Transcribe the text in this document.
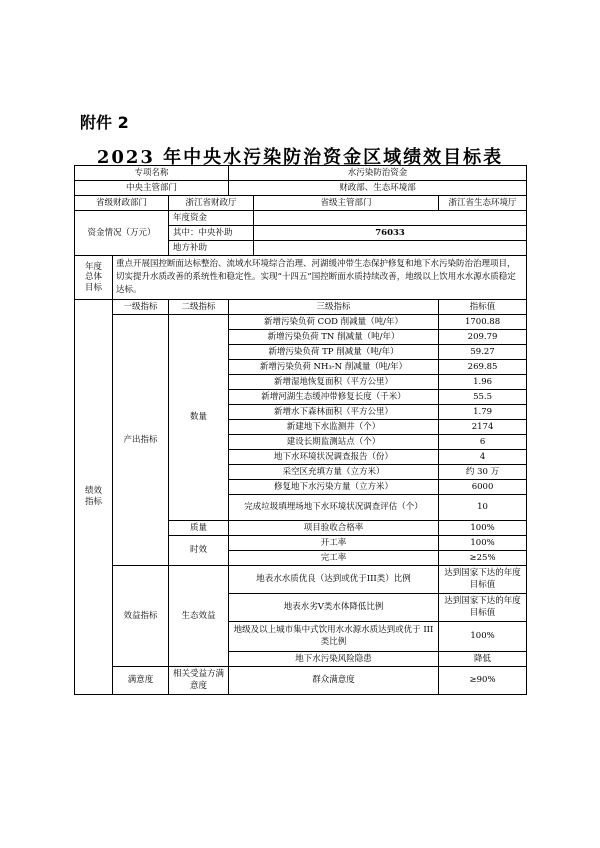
附件 2
2023 年中央水污染防治资金区域绩效目标表
专项名称			水污染防治资金		
中央主管部门			财政部、生态环境部		
省级财政部门		浙江省财政厅		省级主管部门	浙江省生态环境厅
资金情况（万元）		年度资金			
		其中：中央补助		76033	
		地方补助			
年度
总体
目标	重点开展国控断面达标整治、流域水环境综合治理、河湖缓冲带生态保护修复和地下水污染防治治理项目，切实提升水质改善的系统性和稳定性。实现“十四五”国控断面水质持续改善，地级以上饮用水水源水质稳定达标。				
绩效
指标	一级指标	二级指标	三级指标		指标值
	产出指标	数量	新增污染负荷 COD 削减量（吨/年）		1700.88
			新增污染负荷 TN 削减量（吨/年）		209.79
			新增污染负荷 TP 削减量（吨/年）		59.27
			新增污染负荷 NH₃-N 削减量（吨/年）		269.85
			新增湿地恢复面积（平方公里）		1.96
			新增河湖生态缓冲带修复长度（千米）		55.5
			新增水下森林面积（平方公里）		1.79
			新建地下水监测井（个）		2174
			建设长期监测站点（个）		6
			地下水环境状况调查报告（份）		4
			采空区充填方量（立方米）		约 30 万
			修复地下水污染方量（立方米）		6000
			完成垃圾填埋场地下水环境状况调查评估（个）		10
		质量	项目验收合格率		100%
		时效	开工率		100%
			完工率		≥25%
	效益指标	生态效益	地表水水质优良（达到或优于III类）比例		达到国家下达的年度目标值
			地表水劣V类水体降低比例		达到国家下达的年度目标值
			地级及以上城市集中式饮用水水源水质达到或优于 III 类比例		100%
			地下水污染风险隐患		降低
	满意度	相关受益方满意度	群众满意度		≥90%
